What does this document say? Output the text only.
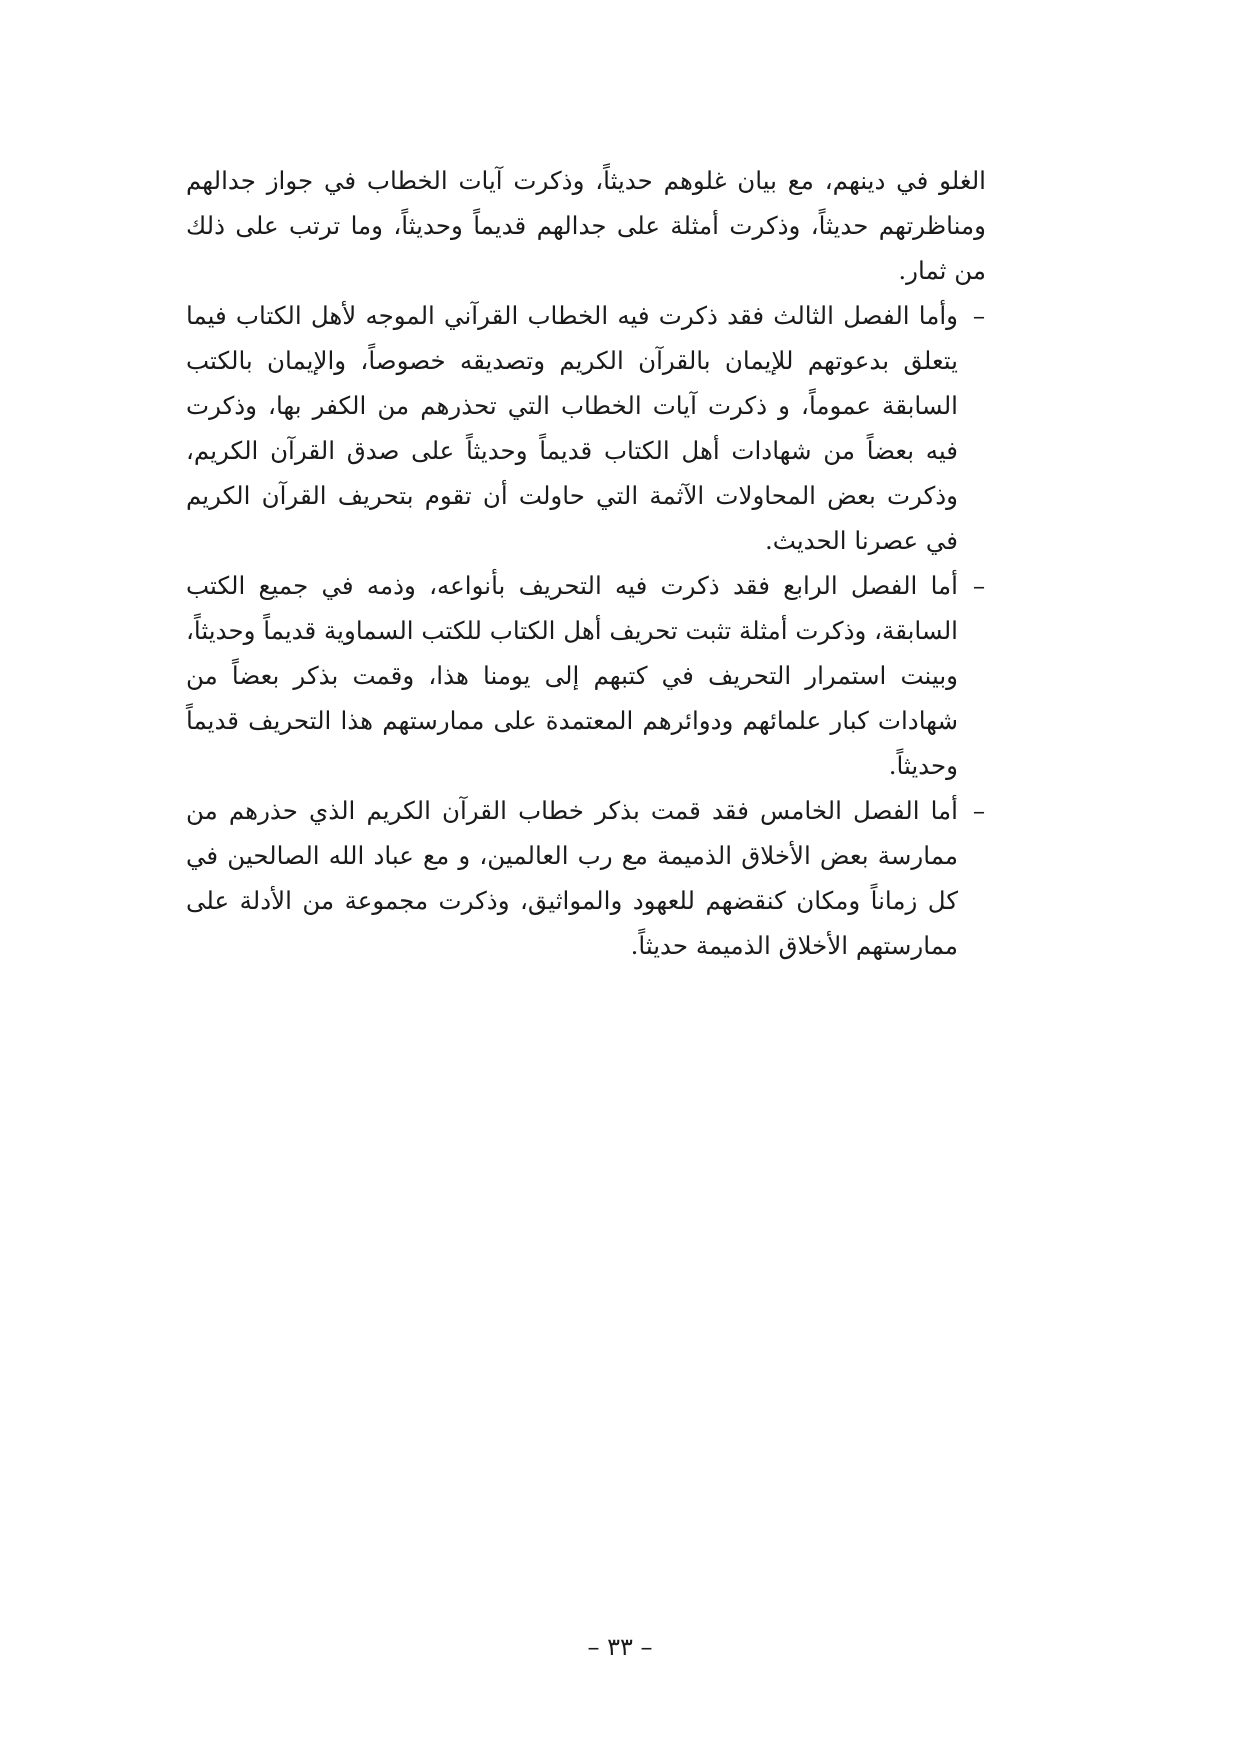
الغلو في دينهم، مع بيان غلوهم حديثاً، وذكرت آيات الخطاب في جواز جدالهم ومناظرتهم حديثاً، وذكرت أمثلة على جدالهم قديماً وحديثاً، وما ترتب على ذلك من ثمار.

–
وأما الفصل الثالث فقد ذكرت فيه الخطاب القرآني الموجه لأهل الكتاب فيما يتعلق بدعوتهم للإيمان بالقرآن الكريم وتصديقه خصوصاً، والإيمان بالكتب السابقة عموماً، و ذكرت آيات الخطاب التي تحذرهم من الكفر بها، وذكرت فيه بعضاً من شهادات أهل الكتاب قديماً وحديثاً على صدق القرآن الكريم، وذكرت بعض المحاولات الآثمة التي حاولت أن تقوم بتحريف القرآن الكريم في عصرنا الحديث.

–
أما الفصل الرابع فقد ذكرت فيه التحريف بأنواعه، وذمه في جميع الكتب السابقة، وذكرت أمثلة تثبت تحريف أهل الكتاب للكتب السماوية قديماً وحديثاً، وبينت استمرار التحريف في كتبهم إلى يومنا هذا، وقمت بذكر بعضاً من شهادات كبار علمائهم ودوائرهم المعتمدة على ممارستهم هذا التحريف قديماً وحديثاً.

–
أما الفصل الخامس فقد قمت بذكر خطاب القرآن الكريم الذي حذرهم من ممارسة بعض الأخلاق الذميمة مع رب العالمين، و مع عباد الله الصالحين في كل زماناً ومكان كنقضهم للعهود والمواثيق، وذكرت مجموعة من الأدلة على ممارستهم الأخلاق الذميمة حديثاً.

– ٣٣ –
